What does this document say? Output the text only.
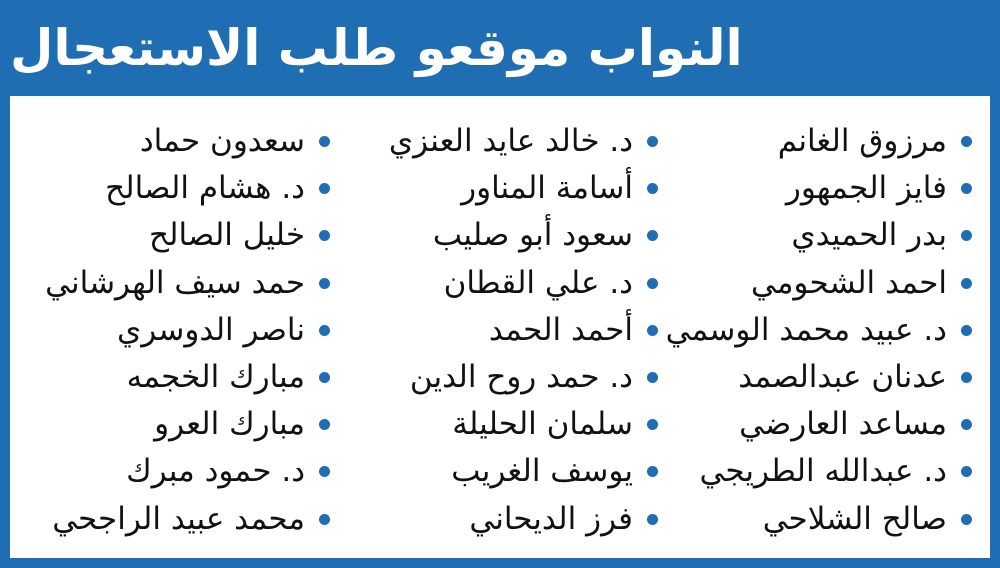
النواب موقعو طلب الاستعجال
مرزوق الغانم
فايز الجمهور
بدر الحميدي
احمد الشحومي
د. عبيد محمد الوسمي
عدنان عبدالصمد
مساعد العارضي
د. عبدالله الطريجي
صالح الشلاحي
د. خالد عايد العنزي
أسامة المناور
سعود أبو صليب
د. علي القطان
أحمد الحمد
د. حمد روح الدين
سلمان الحليلة
يوسف الغريب
فرز الديحاني
سعدون حماد
د. هشام الصالح
خليل الصالح
حمد سيف الهرشاني
ناصر الدوسري
مبارك الخجمه
مبارك العرو
د. حمود مبرك
محمد عبيد الراجحي
